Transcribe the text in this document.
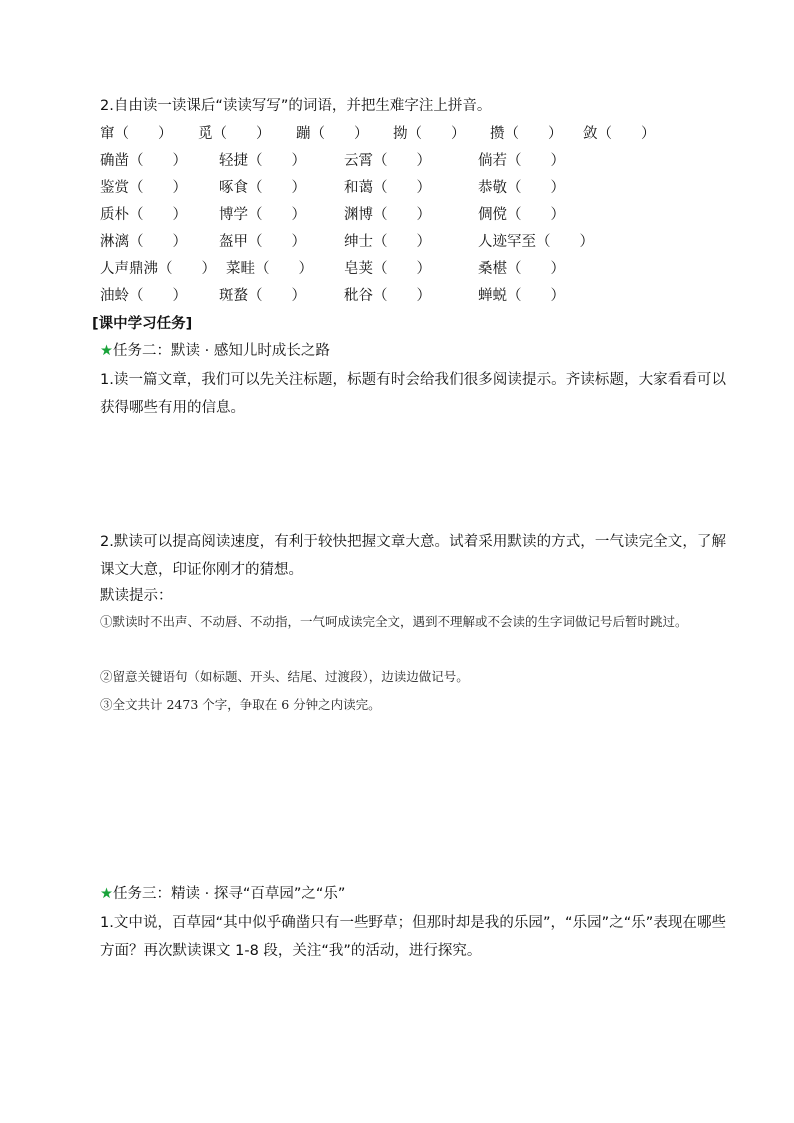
2.自由读一读课后“读读写写”的词语，并把生难字注上拼音。
窜（　　） 觅（　　） 蹦（　　） 拗（　　） 攒（　　） 敛（　　）
确凿（　　） 轻捷（　　）	云霄（　　）	倘若（　　）
鉴赏（　　） 啄食（　　）	和蔼（　　）	恭敬（　　）
质朴（　　） 博学（　　）	渊博（　　）	倜傥（　　）
淋漓（　　） 盔甲（　　）	绅士（　　）	人迹罕至（　　）
人声鼎沸（　　） 菜畦（　　） 皂荚（　　）	桑椹（　　）
油蛉（　　） 斑蝥（　　）	秕谷（　　）	蝉蜕（　　）
[课中学习任务]
★任务二：默读 · 感知儿时成长之路
1.读一篇文章，我们可以先关注标题，标题有时会给我们很多阅读提示。齐读标题，大家看看可以获得哪些有用的信息。
2.默读可以提高阅读速度，有利于较快把握文章大意。试着采用默读的方式，一气读完全文，了解课文大意，印证你刚才的猜想。
默读提示：
①默读时不出声、不动唇、不动指，一气呵成读完全文，遇到不理解或不会读的生字词做记号后暂时跳过。
②留意关键语句（如标题、开头、结尾、过渡段），边读边做记号。
③全文共计 2473 个字，争取在 6 分钟之内读完。
★任务三：精读 · 探寻“百草园”之“乐”
1.文中说，百草园“其中似乎确凿只有一些野草；但那时却是我的乐园”，“乐园”之“乐”表现在哪些方面？再次默读课文 1-8 段，关注“我”的活动，进行探究。
